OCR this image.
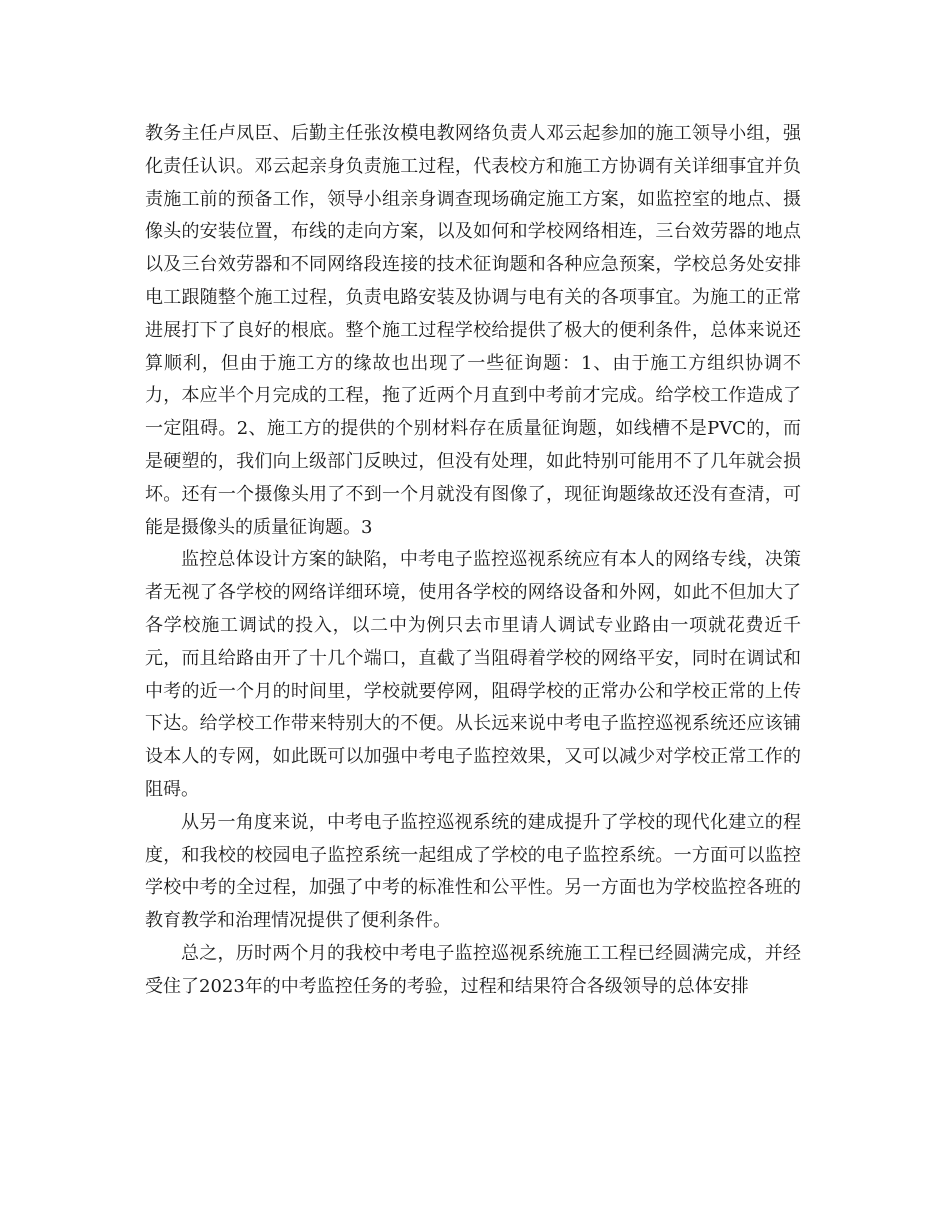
教务主任卢凤臣、后勤主任张汝模电教网络负责人邓云起参加的施工领导小组，强化责任认识。邓云起亲身负责施工过程，代表校方和施工方协调有关详细事宜并负责施工前的预备工作，领导小组亲身调查现场确定施工方案，如监控室的地点、摄像头的安装位置，布线的走向方案，以及如何和学校网络相连，三台效劳器的地点以及三台效劳器和不同网络段连接的技术征询题和各种应急预案，学校总务处安排电工跟随整个施工过程，负责电路安装及协调与电有关的各项事宜。为施工的正常进展打下了良好的根底。整个施工过程学校给提供了极大的便利条件，总体来说还算顺利，但由于施工方的缘故也出现了一些征询题：1、由于施工方组织协调不力，本应半个月完成的工程，拖了近两个月直到中考前才完成。给学校工作造成了一定阻碍。2、施工方的提供的个别材料存在质量征询题，如线槽不是PVC的，而是硬塑的，我们向上级部门反映过，但没有处理，如此特别可能用不了几年就会损坏。还有一个摄像头用了不到一个月就没有图像了，现征询题缘故还没有查清，可能是摄像头的质量征询题。3

监控总体设计方案的缺陷，中考电子监控巡视系统应有本人的网络专线，决策者无视了各学校的网络详细环境，使用各学校的网络设备和外网，如此不但加大了各学校施工调试的投入，以二中为例只去市里请人调试专业路由一项就花费近千元，而且给路由开了十几个端口，直截了当阻碍着学校的网络平安，同时在调试和中考的近一个月的时间里，学校就要停网，阻碍学校的正常办公和学校正常的上传下达。给学校工作带来特别大的不便。从长远来说中考电子监控巡视系统还应该铺设本人的专网，如此既可以加强中考电子监控效果，又可以减少对学校正常工作的阻碍。

从另一角度来说，中考电子监控巡视系统的建成提升了学校的现代化建立的程度，和我校的校园电子监控系统一起组成了学校的电子监控系统。一方面可以监控学校中考的全过程，加强了中考的标准性和公平性。另一方面也为学校监控各班的教育教学和治理情况提供了便利条件。

总之，历时两个月的我校中考电子监控巡视系统施工工程已经圆满完成，并经受住了2023年的中考监控任务的考验，过程和结果符合各级领导的总体安排
